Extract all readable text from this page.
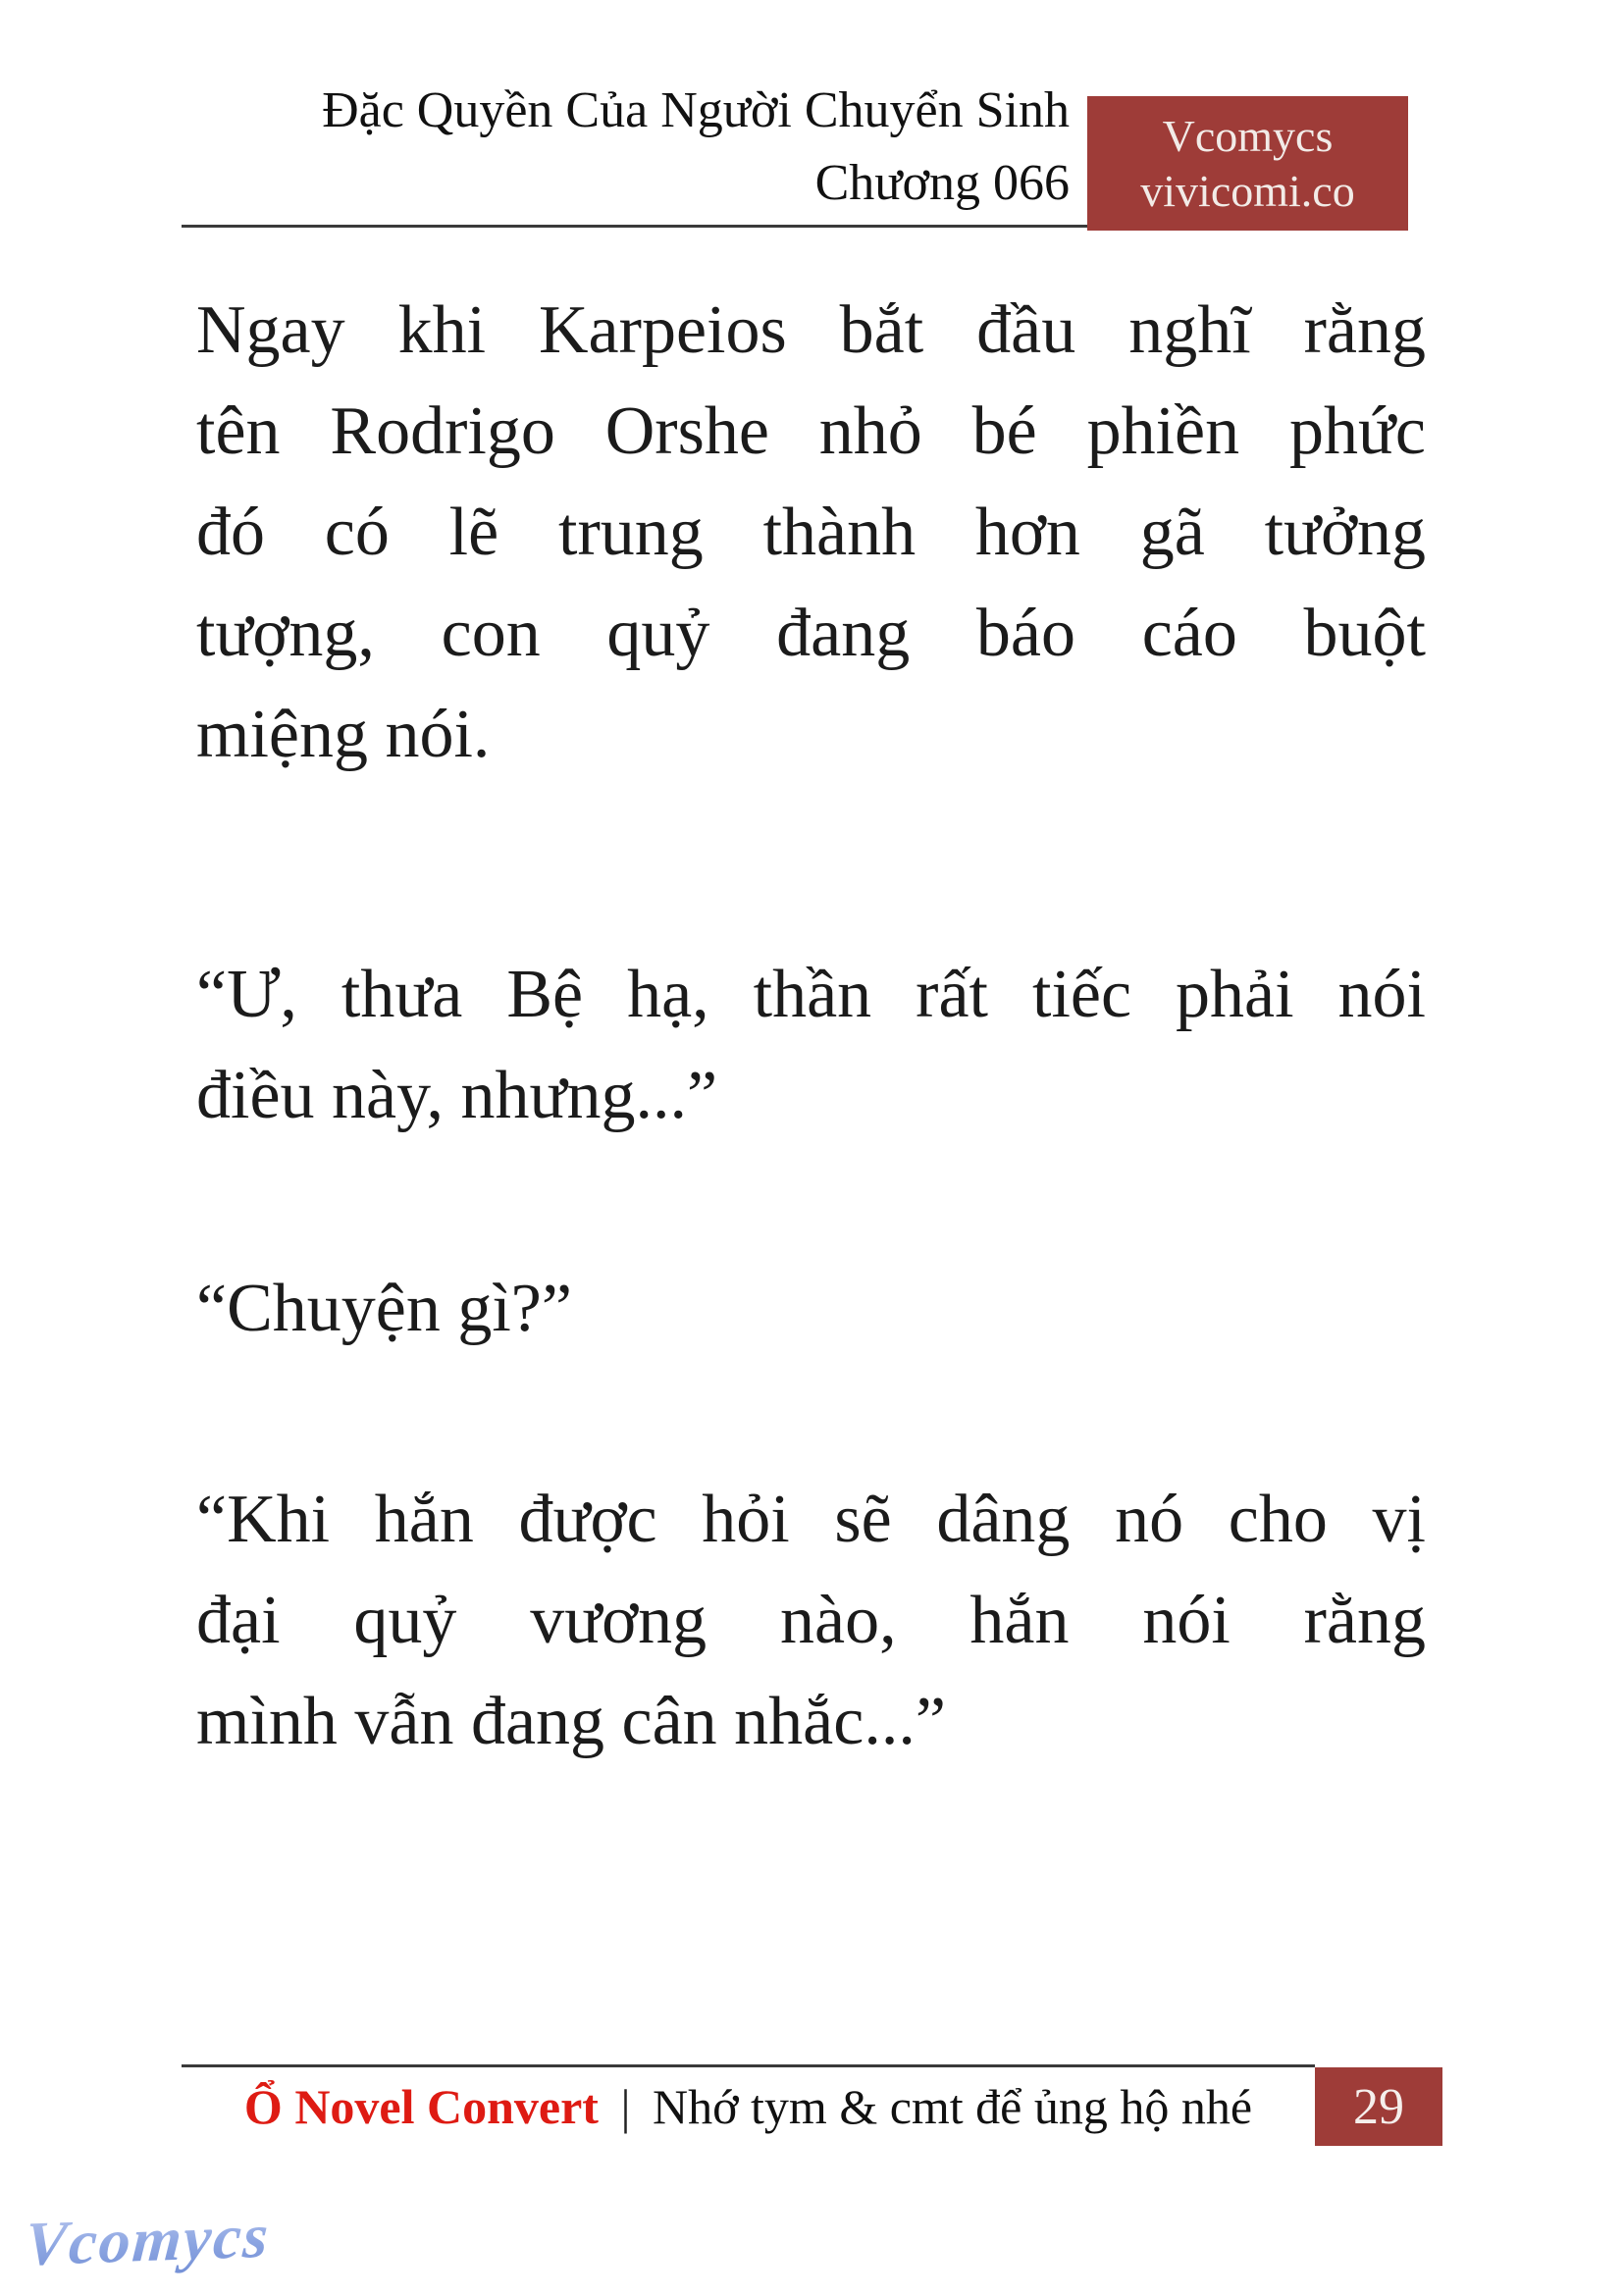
Đặc Quyền Của Người Chuyển Sinh
Chương 066
Vcomycs
vivicomi.co
Ngay khi Karpeios bắt đầu nghĩ rằng
tên Rodrigo Orshe nhỏ bé phiền phức
đó có lẽ trung thành hơn gã tưởng
tượng, con quỷ đang báo cáo buột
miệng nói.
“Ư, thưa Bệ hạ, thần rất tiếc phải nói
điều này, nhưng...”
“Chuyện gì?”
“Khi hắn được hỏi sẽ dâng nó cho vị
đại quỷ vương nào, hắn nói rằng
mình vẫn đang cân nhắc...”
Ổ Novel Convert | Nhớ tym & cmt để ủng hộ nhé	29
Vcomycs
